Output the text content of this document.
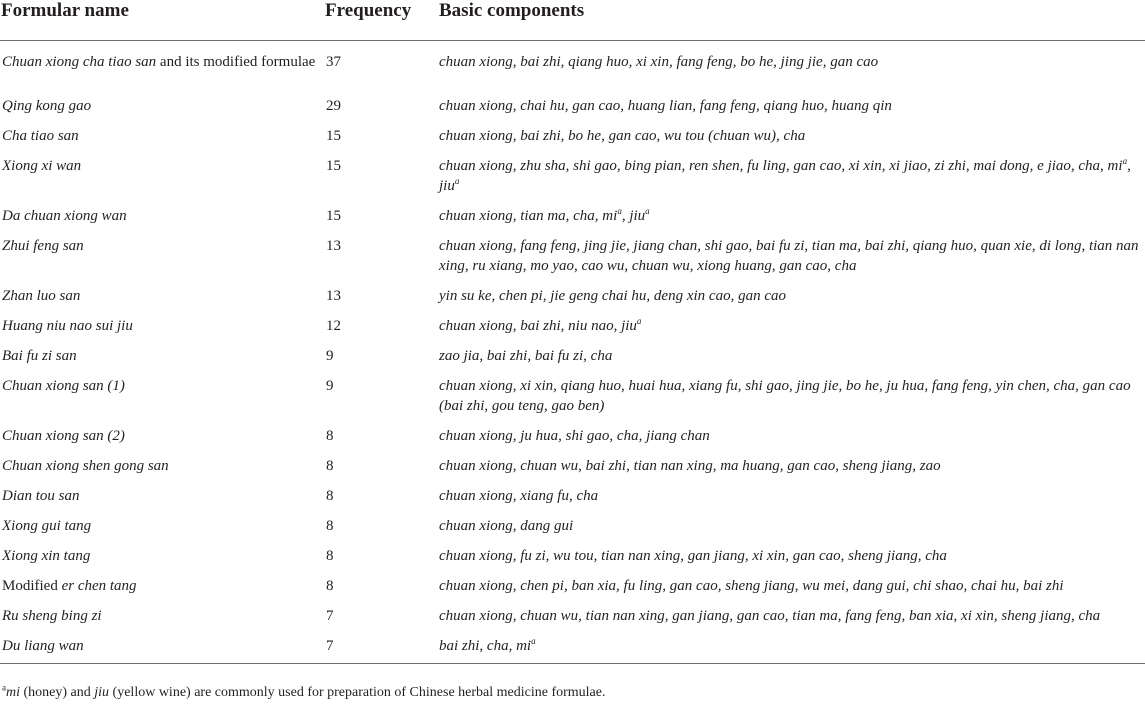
Formular name	Frequency	Basic components
Chuan xiong cha tiao san and its modified formulae	37	chuan xiong, bai zhi, qiang huo, xi xin, fang feng, bo he, jing jie, gan cao
Qing kong gao	29	chuan xiong, chai hu, gan cao, huang lian, fang feng, qiang huo, huang qin
Cha tiao san	15	chuan xiong, bai zhi, bo he, gan cao, wu tou (chuan wu), cha
Xiong xi wan	15	chuan xiong, zhu sha, shi gao, bing pian, ren shen, fu ling, gan cao, xi xin, xi jiao, zi zhi, mai dong, e jiao, cha, $mi^a$, jiu$^a$
Da chuan xiong wan	15	chuan xiong, tian ma, cha, $mi^a$, jiu$^a$
Zhui feng san	13	chuan xiong, fang feng, jing jie, jiang chan, shi gao, bai fu zi, tian ma, bai zhi, qiang huo, quan xie, di long, tian nan xing, ru xiang, mo yao, cao wu, chuan wu, xiong huang, gan cao, cha
Zhan luo san	13	yin su ke, chen pi, jie geng chai hu, deng xin cao, gan cao
Huang niu nao sui jiu	12	chuan xiong, bai zhi, niu nao, jiu$^a$
Bai fu zi san	9	zao jia, bai zhi, bai fu zi, cha
Chuan xiong san (1)	9	chuan xiong, xi xin, qiang huo, huai hua, xiang fu, shi gao, jing jie, bo he, ju hua, fang feng, yin chen, cha, gan cao (bai zhi, gou teng, gao ben)
Chuan xiong san (2)	8	chuan xiong, ju hua, shi gao, cha, jiang chan
Chuan xiong shen gong san	8	chuan xiong, chuan wu, bai zhi, tian nan xing, ma huang, gan cao, sheng jiang, zao
Dian tou san	8	chuan xiong, xiang fu, cha
Xiong gui tang	8	chuan xiong, dang gui
Xiong xin tang	8	chuan xiong, fu zi, wu tou, tian nan xing, gan jiang, xi xin, gan cao, sheng jiang, cha
Modified er chen tang	8	chuan xiong, chen pi, ban xia, fu ling, gan cao, sheng jiang, wu mei, dang gui, chi shao, chai hu, bai zhi
Ru sheng bing zi	7	chuan xiong, chuan wu, tian nan xing, gan jiang, gan cao, tian ma, fang feng, ban xia, xi xin, sheng jiang, cha
Du liang wan	7	bai zhi, cha, $mi^a$
$^a$mi (honey) and jiu (yellow wine) are commonly used for preparation of Chinese herbal medicine formulae.
